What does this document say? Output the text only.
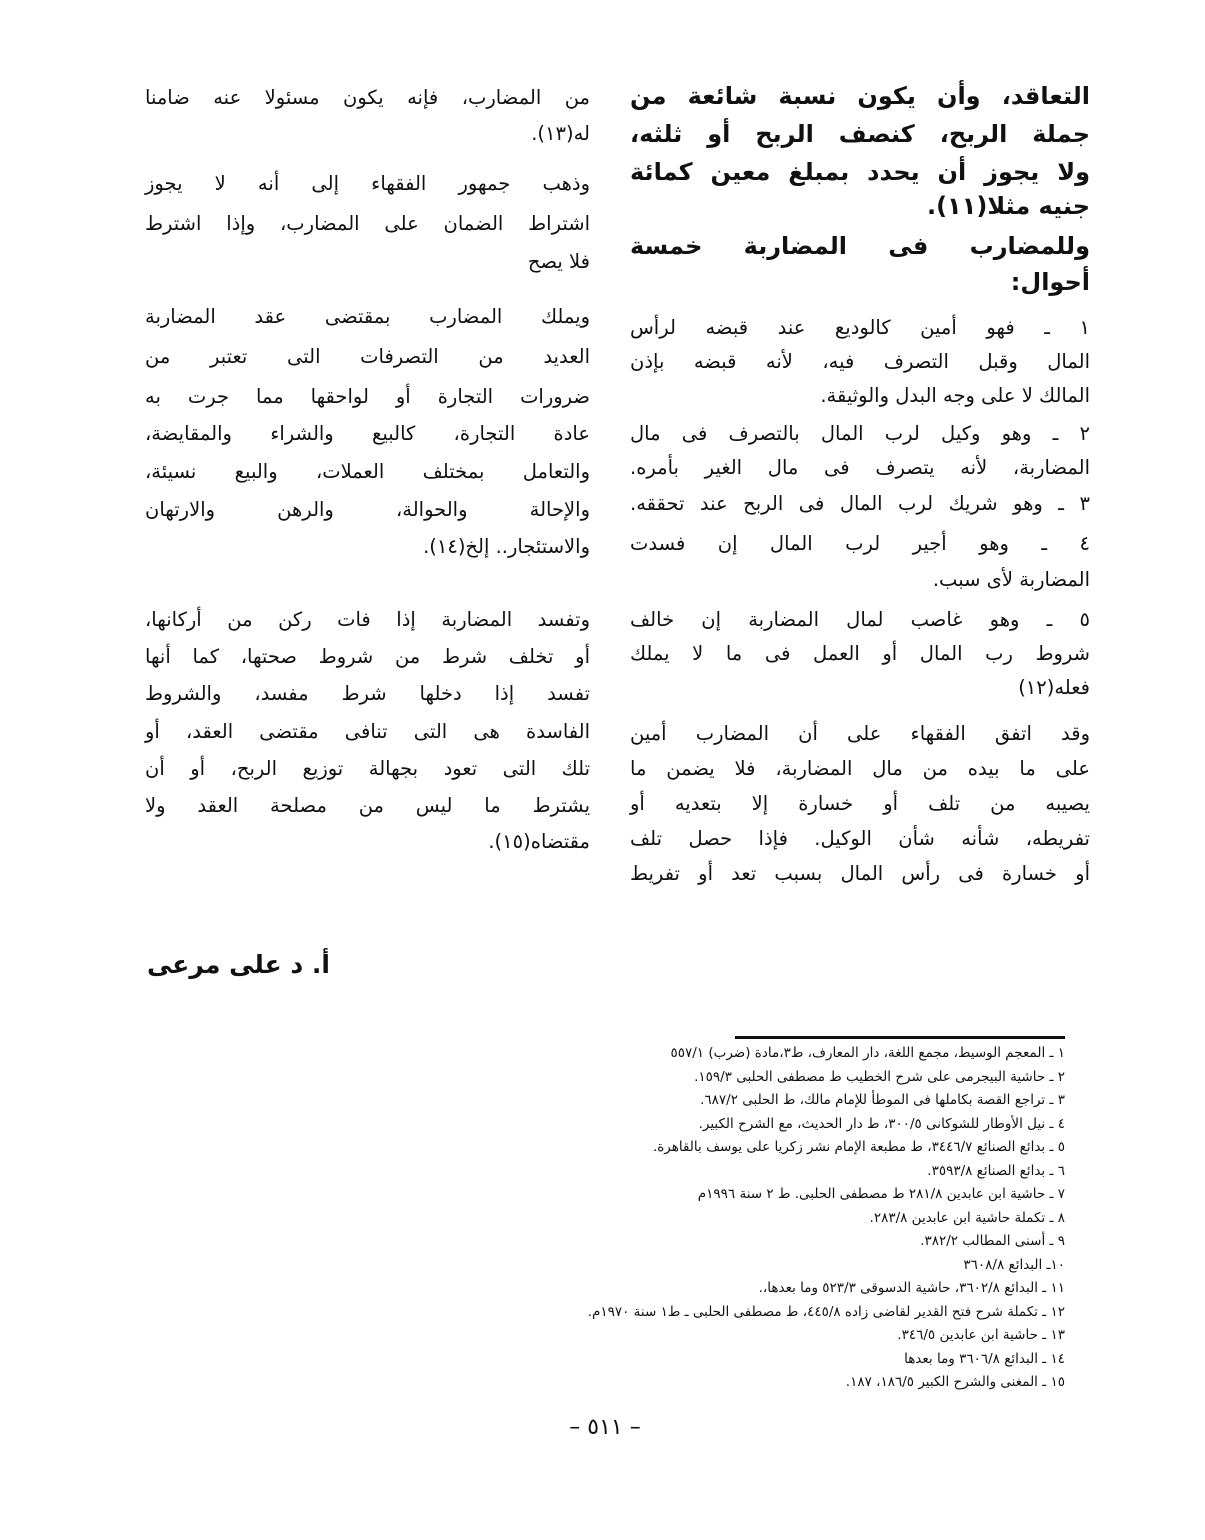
التعاقد، وأن يكون نسبة شائعة من
جملة الربح، كنصف الربح أو ثلثه،
ولا يجوز أن يحدد بمبلغ معين كمائة
جنيه مثلا(١١).
وللمضارب فى المضاربة خمسة
أحوال:
١ ـ فهو أمين كالوديع عند قبضه لرأس
المال وقبل التصرف فيه، لأنه قبضه بإذن
المالك لا على وجه البدل والوثيقة.
٢ ـ وهو وكيل لرب المال بالتصرف فى مال
المضاربة، لأنه يتصرف فى مال الغير بأمره.
٣ ـ وهو شريك لرب المال فى الربح عند تحققه.
٤ ـ وهو أجير لرب المال إن فسدت
المضاربة لأى سبب.
٥ ـ وهو غاصب لمال المضاربة إن خالف
شروط رب المال أو العمل فى ما لا يملك
فعله(١٢)
وقد اتفق الفقهاء على أن المضارب أمين
على ما بيده من مال المضاربة، فلا يضمن ما
يصيبه من تلف أو خسارة إلا بتعديه أو
تفريطه، شأنه شأن الوكيل. فإذا حصل تلف
أو خسارة فى رأس المال بسبب تعد أو تفريط
من المضارب، فإنه يكون مسئولا عنه ضامنا
له(١٣).
وذهب جمهور الفقهاء إلى أنه لا يجوز
اشتراط الضمان على المضارب، وإذا اشترط
فلا يصح
ويملك المضارب بمقتضى عقد المضاربة
العديد من التصرفات التى تعتبر من
ضرورات التجارة أو لواحقها مما جرت به
عادة التجارة، كالبيع والشراء والمقايضة،
والتعامل بمختلف العملات، والبيع نسيئة،
والإحالة والحوالة، والرهن والارتهان
والاستئجار.. إلخ(١٤).
وتفسد المضاربة إذا فات ركن من أركانها،
أو تخلف شرط من شروط صحتها، كما أنها
تفسد إذا دخلها شرط مفسد، والشروط
الفاسدة هى التى تنافى مقتضى العقد، أو
تلك التى تعود بجهالة توزيع الربح، أو أن
يشترط ما ليس من مصلحة العقد ولا
مقتضاه(١٥).
أ. د على مرعى
١ ـ المعجم الوسيط، مجمع اللغة، دار المعارف، ط٣،مادة (ضرب) ٥٥٧/١
٢ ـ حاشية البيجرمى على شرح الخطيب ط مصطفى الحلبى ١٥٩/٣.
٣ ـ تراجع القصة بكاملها فى الموطأ للإمام مالك، ط الحلبى ٦٨٧/٢.
٤ ـ نيل الأوطار للشوكانى ٣٠٠/٥، ط دار الحديث، مع الشرح الكبير.
٥ ـ بدائع الصنائع ٣٤٤٦/٧، ط مطبعة الإمام نشر زكريا على يوسف بالقاهرة.
٦ ـ بدائع الصنائع ٣٥٩٣/٨.
٧ ـ حاشية ابن عابدين ٢٨١/٨ ط مصطفى الحلبى. ط ٢ سنة ١٩٩٦م
٨ ـ تكملة حاشية ابن عابدين ٢٨٣/٨.
٩ ـ أسنى المطالب ٣٨٢/٢.
١٠ـ البدائع ٣٦٠٨/٨
١١ ـ البدائع ٣٦٠٢/٨، حاشية الدسوقى ٥٢٣/٣ وما بعدها،.
١٢ ـ تكملة شرح فتح القدير لقاضى زاده ٤٤٥/٨، ط مصطفى الحلبى ـ ط١ سنة ١٩٧٠م.
١٣ ـ حاشية ابن عابدين ٣٤٦/٥.
١٤ ـ البدائع ٣٦٠٦/٨ وما بعدها
١٥ ـ المغنى والشرح الكبير ١٨٦/٥، ١٨٧.
– ٥١١ –
